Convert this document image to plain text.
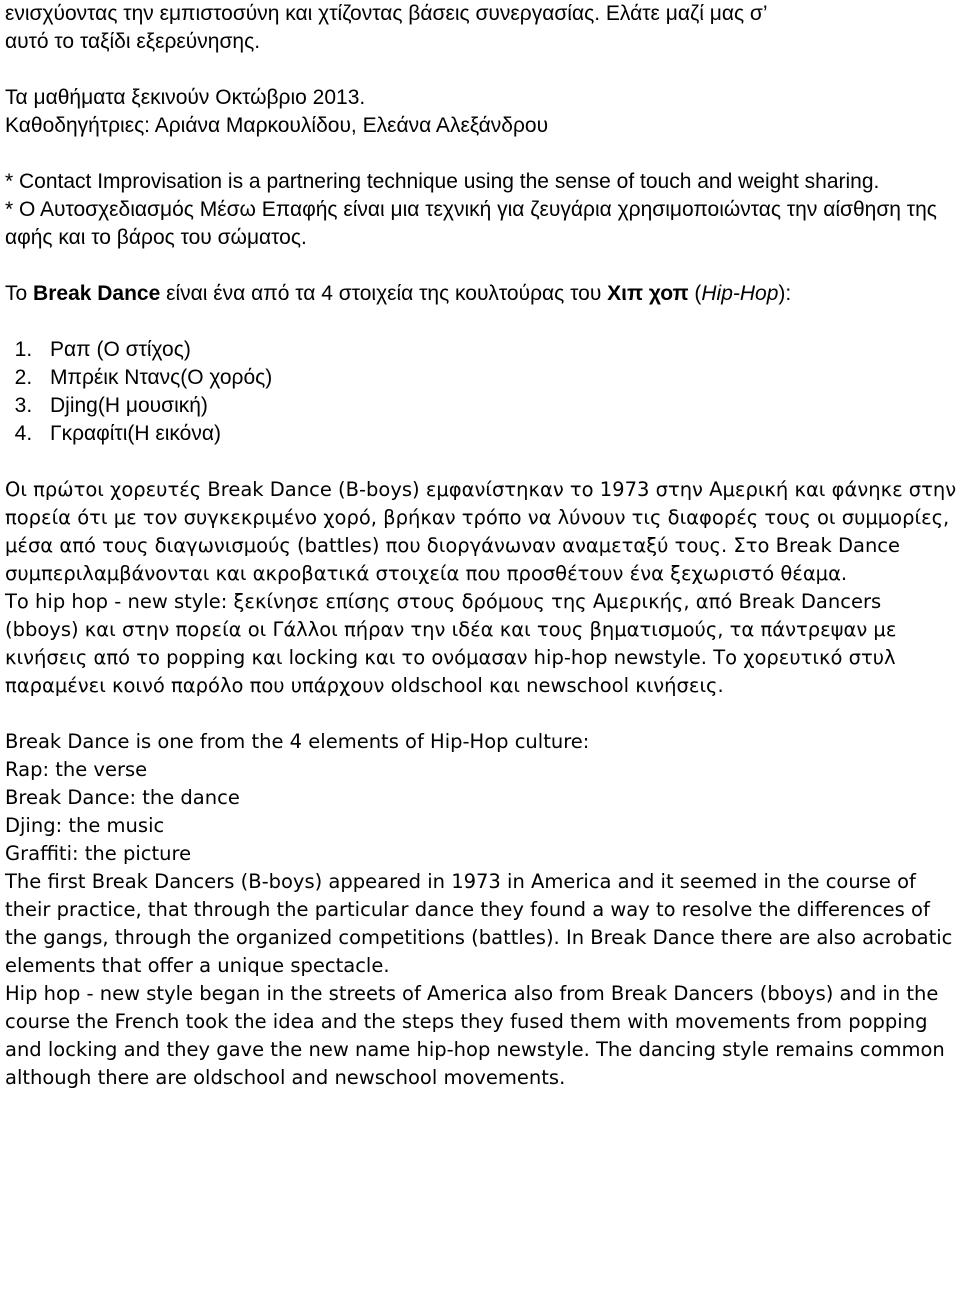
ενισχύοντας την εμπιστοσύνη και χτίζοντας βάσεις συνεργασίας. Ελάτε μαζί μας σ’

αυτό το ταξίδι εξερεύνησης.

Τα μαθήματα ξεκινούν Οκτώβριο 2013.

Καθοδηγήτριες: Αριάνα Μαρκουλίδου, Ελεάνα Αλεξάνδρου

* Contact Improvisation is a partnering technique using the sense of touch and weight sharing.

* Ο Αυτοσχεδιασμός Μέσω Επαφής είναι μια τεχνική για ζευγάρια χρησιμοποιώντας την αίσθηση της αφής και το βάρος του σώματος.

Το Break Dance είναι ένα από τα 4 στοιχεία της κουλτούρας του Χιπ χοπ (Hip-Hop):

1. Ραπ (Ο στίχος)
2. Μπρέικ Ντανς(Ο χορός)
3. Djing(Η μουσική)
4. Γκραφίτι(Η εικόνα)

Οι πρώτοι χορευτές Break Dance (B-boys) εμφανίστηκαν το 1973 στην Αμερική και φάνηκε στην πορεία ότι με τον συγκεκριμένο χορό, βρήκαν τρόπο να λύνουν τις διαφορές τους οι συμμορίες, μέσα από τους διαγωνισμούς (battles) που διοργάνωναν αναμεταξύ τους. Στο Break Dance συμπεριλαμβάνονται και ακροβατικά στοιχεία που προσθέτουν ένα ξεχωριστό θέαμα.

Το hip hop - new style: ξεκίνησε επίσης στους δρόμους της Αμερικής, από Break Dancers (bboys) και στην πορεία οι Γάλλοι πήραν την ιδέα και τους βηματισμούς, τα πάντρεψαν με κινήσεις από το popping και locking και το ονόμασαν hip-hop newstyle. Το χορευτικό στυλ παραμένει κοινό παρόλο που υπάρχουν oldschool και newschool κινήσεις.

Break Dance is one from the 4 elements of Hip-Hop culture:

Rap: the verse

Break Dance: the dance

Djing: the music

Graffiti: the picture

The first Break Dancers (B-boys) appeared in 1973 in America and it seemed in the course of their practice, that through the particular dance they found a way to resolve the differences of the gangs, through the organized competitions (battles). In Break Dance there are also acrobatic elements that offer a unique spectacle.

Hip hop - new style began in the streets of America also from Break Dancers (bboys) and in the course the French took the idea and the steps they fused them with movements from popping and locking and they gave the new name hip-hop newstyle. The dancing style remains common although there are oldschool and newschool movements.
